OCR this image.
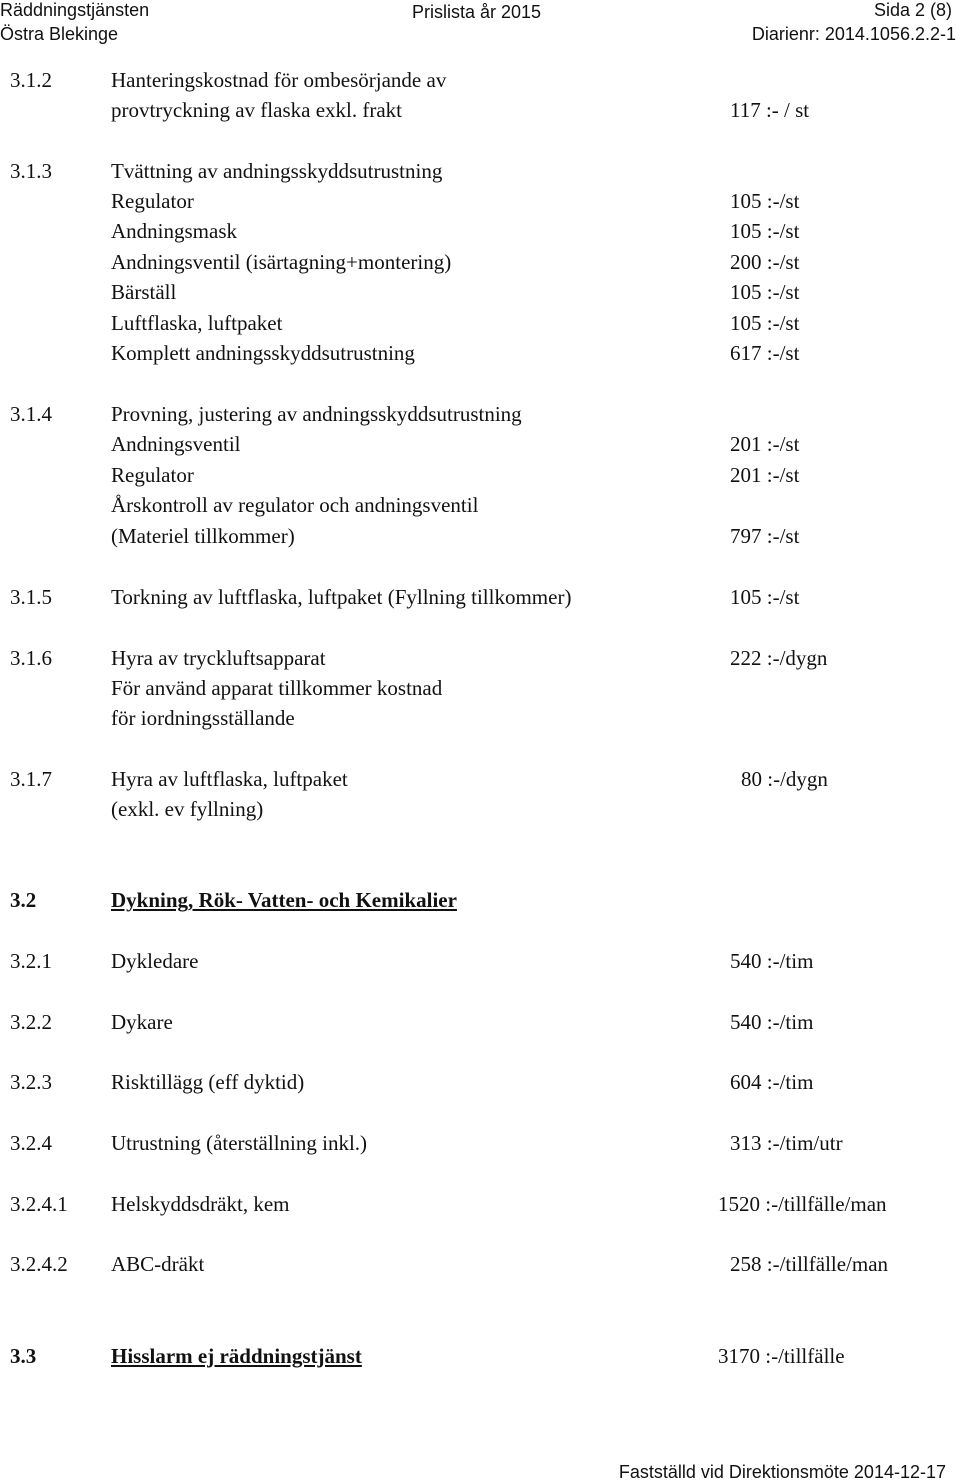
Räddningstjänsten
Östra Blekinge
Prislista år 2015	Sida 2 (8)
Diarienr: 2014.1056.2.2-1
3.1.2	Hanteringskostnad för ombesörjande av
provtryckning av flaska exkl. frakt	117 :- / st
3.1.3	Tvättning av andningsskyddsutrustning
Regulator	105 :-/st
Andningsmask	105 :-/st
Andningsventil (isärtagning+montering)	200 :-/st
Bärställ	105 :-/st
Luftflaska, luftpaket	105 :-/st
Komplett andningsskyddsutrustning	617 :-/st
3.1.4	Provning, justering av andningsskyddsutrustning
Andningsventil	201 :-/st
Regulator	201 :-/st
Årskontroll av regulator och andningsventil
(Materiel tillkommer)	797 :-/st
3.1.5	Torkning av luftflaska, luftpaket (Fyllning tillkommer)	105 :-/st
3.1.6	Hyra av tryckluftsapparat	222 :-/dygn
För använd apparat tillkommer kostnad
för iordningsställande
3.1.7	Hyra av luftflaska, luftpaket	80 :-/dygn
(exkl. ev fyllning)
3.2	Dykning, Rök- Vatten- och Kemikalier
3.2.1	Dykledare	540 :-/tim
3.2.2	Dykare	540 :-/tim
3.2.3	Risktillägg (eff dyktid)	604 :-/tim
3.2.4	Utrustning (återställning inkl.)	313 :-/tim/utr
3.2.4.1 Helskyddsdräkt, kem	1520 :-/tillfälle/man
3.2.4.2 ABC-dräkt	258 :-/tillfälle/man
3.3	Hisslarm ej räddningstjänst	3170 :-/tillfälle
Fastställd vid Direktionsmöte 2014-12-17
